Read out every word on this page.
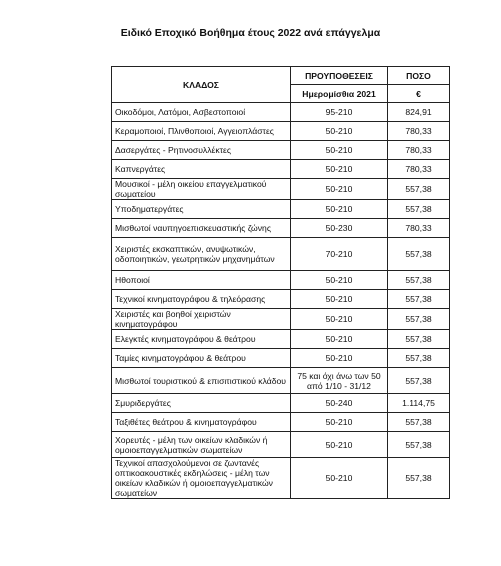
Ειδικό Εποχικό Βοήθημα έτους 2022 ανά επάγγελμα
ΚΛΑΔΟΣ	ΠΡΟΥΠΟΘΕΣΕΙΣ	ΠΟΣΟ
	Ημερομίσθια 2021	€
Οικοδόμοι, Λατόμοι, Ασβεστοποιοί	95-210	824,91
Κεραμοποιοί, Πλινθοποιοί, Αγγειοπλάστες	50-210	780,33
Δασεργάτες - Ρητινοσυλλέκτες	50-210	780,33
Καπνεργάτες	50-210	780,33
Μουσικοί - μέλη οικείου επαγγελματικού σωματείου	50-210	557,38
Υποδηματεργάτες	50-210	557,38
Μισθωτοί ναυπηγοεπισκευαστικής ζώνης	50-230	780,33
Χειριστές εκσκαπτικών, ανυψωτικών, οδοποιητικών, γεωτρητικών μηχανημάτων	70-210	557,38
Ηθοποιοί	50-210	557,38
Τεχνικοί κινηματογράφου & τηλεόρασης	50-210	557,38
Χειριστές και βοηθοί χειριστών κινηματογράφου	50-210	557,38
Ελεγκτές κινηματογράφου & θεάτρου	50-210	557,38
Ταμίες κινηματογράφου & θεάτρου	50-210	557,38
Μισθωτοί τουριστικού & επισιτιστικού κλάδου	75 και όχι άνω των 50 από 1/10 - 31/12	557,38
Σμυριδεργάτες	50-240	1.114,75
Ταξιθέτες θεάτρου & κινηματογράφου	50-210	557,38
Χορευτές - μέλη των οικείων κλαδικών ή ομοιοεπαγγελματικών σωματείων	50-210	557,38
Τεχνικοί απασχολούμενοι σε ζωντανές οπτικοακουστικές εκδηλώσεις - μέλη των οικείων κλαδικών ή ομοιοεπαγγελματικών σωματείων	50-210	557,38
